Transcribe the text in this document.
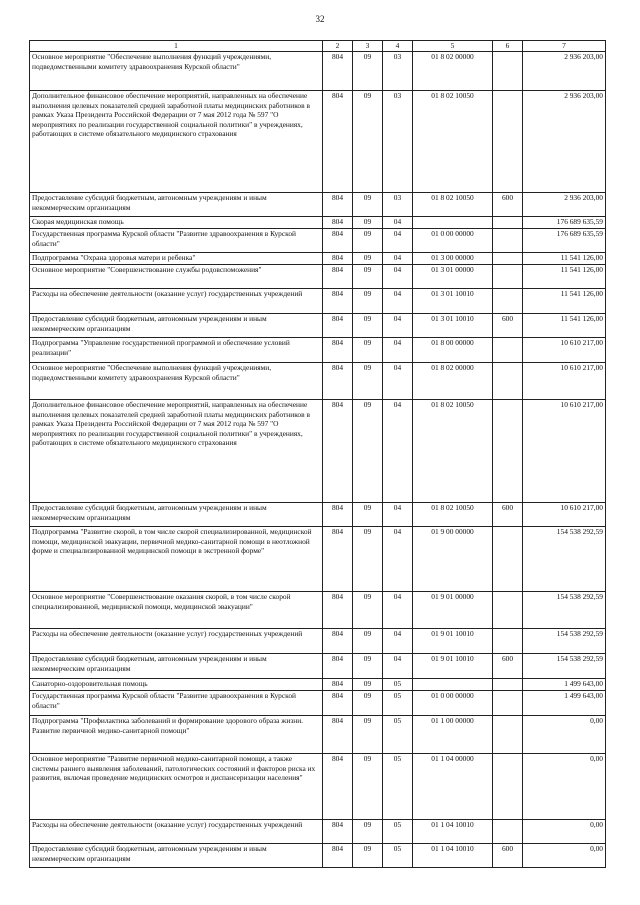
32
1	2	3	4	5	6	7
Основное мероприятие "Обеспечение выполнения функций учреждениями, подведомственными комитету здравоохранения Курской области"	804	09	03	01 8 02 00000		2 936 203,00
Дополнительное финансовое обеспечение мероприятий, направленных на обеспечение выполнения целевых показателей средней заработной платы медицинских работников в рамках Указа Президента Российской Федерации от 7 мая 2012 года № 597 "О мероприятиях по реализации государственной социальной политики" в учреждениях, работающих в системе обязательного медицинского страхования	804	09	03	01 8 02 10050		2 936 203,00
Предоставление субсидий бюджетным, автономным учреждениям и иным некоммерческим организациям	804	09	03	01 8 02 10050	600	2 936 203,00
Скорая медицинская помощь	804	09	04			176 689 635,59
Государственная программа Курской области "Развитие здравоохранения в Курской области"	804	09	04	01 0 00 00000		176 689 635,59
Подпрограмма "Охрана здоровья матери и ребенка"	804	09	04	01 3 00 00000		11 541 126,00
Основное мероприятие "Совершенствование службы родовспоможения"	804	09	04	01 3 01 00000		11 541 126,00
Расходы на обеспечение деятельности (оказание услуг) государственных учреждений	804	09	04	01 3 01 10010		11 541 126,00
Предоставление субсидий бюджетным, автономным учреждениям и иным некоммерческим организациям	804	09	04	01 3 01 10010	600	11 541 126,00
Подпрограмма "Управление государственной программой и обеспечение условий реализации"	804	09	04	01 8 00 00000		10 610 217,00
Основное мероприятие "Обеспечение выполнения функций учреждениями, подведомственными комитету здравоохранения Курской области"	804	09	04	01 8 02 00000		10 610 217,00
Дополнительное финансовое обеспечение мероприятий, направленных на обеспечение выполнения целевых показателей средней заработной платы медицинских работников в рамках Указа Президента Российской Федерации от 7 мая 2012 года № 597 "О мероприятиях по реализации государственной социальной политики" в учреждениях, работающих в системе обязательного медицинского страхования	804	09	04	01 8 02 10050		10 610 217,00
Предоставление субсидий бюджетным, автономным учреждениям и иным некоммерческим организациям	804	09	04	01 8 02 10050	600	10 610 217,00
Подпрограмма "Развитие скорой, в том числе скорой специализированной, медицинской помощи, медицинской эвакуации, первичной медико-санитарной помощи в неотложной форме и специализированной медицинской помощи в экстренной форме"	804	09	04	01 9 00 00000		154 538 292,59
Основное мероприятие "Совершенствование оказания скорой, в том числе скорой специализированной, медицинской помощи, медицинской эвакуации"	804	09	04	01 9 01 00000		154 538 292,59
Расходы на обеспечение деятельности (оказание услуг) государственных учреждений	804	09	04	01 9 01 10010		154 538 292,59
Предоставление субсидий бюджетным, автономным учреждениям и иным некоммерческим организациям	804	09	04	01 9 01 10010	600	154 538 292,59
Санаторно-оздоровительная помощь	804	09	05			1 499 643,00
Государственная программа Курской области "Развитие здравоохранения в Курской области"	804	09	05	01 0 00 00000		1 499 643,00
Подпрограмма "Профилактика заболеваний и формирование здорового образа жизни. Развитие первичной медико-санитарной помощи"	804	09	05	01 1 00 00000		0,00
Основное мероприятие "Развитие первичной медико-санитарной помощи, а также системы раннего выявления заболеваний, патологических состояний и факторов риска их развития, включая проведение медицинских осмотров и диспансеризации населения"	804	09	05	01 1 04 00000		0,00
Расходы на обеспечение деятельности (оказание услуг) государственных учреждений	804	09	05	01 1 04 10010		0,00
Предоставление субсидий бюджетным, автономным учреждениям и иным некоммерческим организациям	804	09	05	01 1 04 10010	600	0,00
